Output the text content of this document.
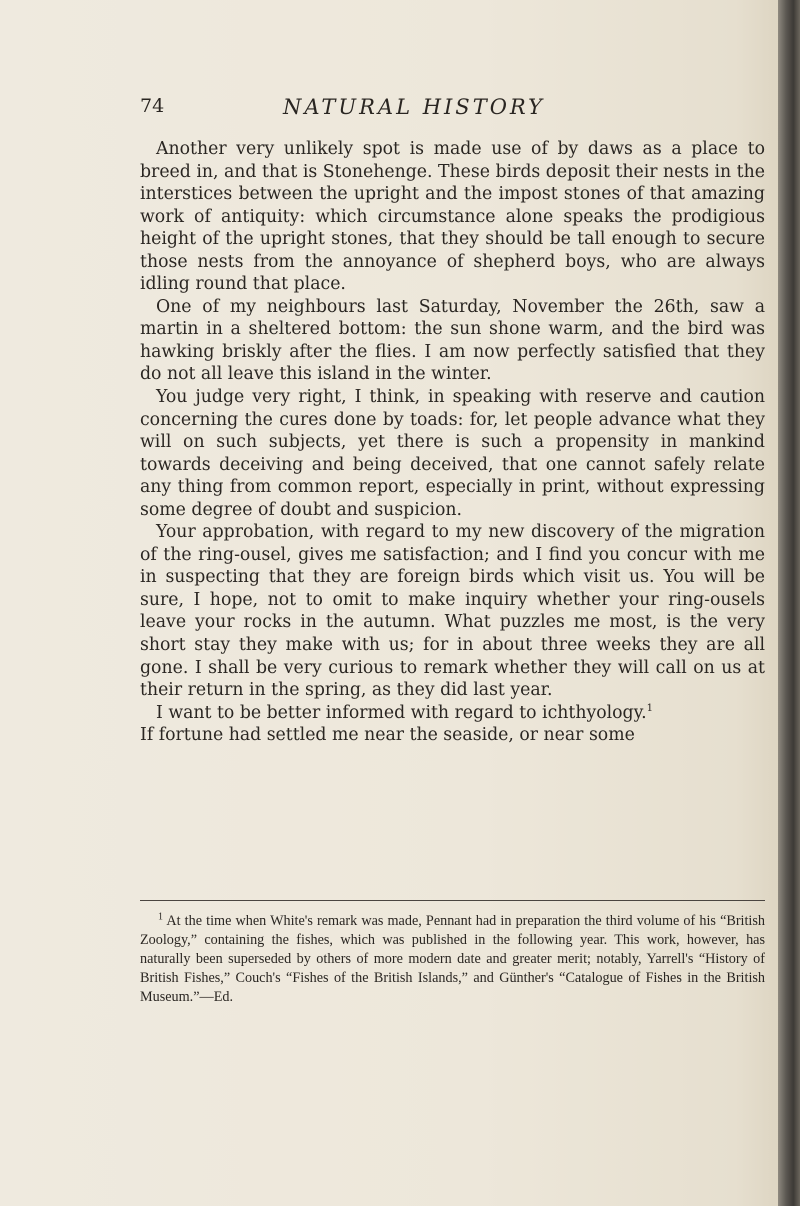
74	NATURAL HISTORY

Another very unlikely spot is made use of by daws as a place to breed in, and that is Stonehenge. These birds deposit their nests in the interstices between the upright and the impost stones of that amazing work of antiquity: which circumstance alone speaks the prodigious height of the upright stones, that they should be tall enough to secure those nests from the annoyance of shepherd boys, who are always idling round that place.

One of my neighbours last Saturday, November the 26th, saw a martin in a sheltered bottom: the sun shone warm, and the bird was hawking briskly after the flies. I am now perfectly satisfied that they do not all leave this island in the winter.

You judge very right, I think, in speaking with reserve and caution concerning the cures done by toads: for, let people advance what they will on such subjects, yet there is such a propensity in mankind towards deceiving and being deceived, that one cannot safely relate any thing from common report, especially in print, without expressing some degree of doubt and suspicion.

Your approbation, with regard to my new discovery of the migration of the ring-ousel, gives me satisfaction; and I find you concur with me in suspecting that they are foreign birds which visit us. You will be sure, I hope, not to omit to make inquiry whether your ring-ousels leave your rocks in the autumn. What puzzles me most, is the very short stay they make with us; for in about three weeks they are all gone. I shall be very curious to remark whether they will call on us at their return in the spring, as they did last year.

I want to be better informed with regard to ichthyology.$^1$
If fortune had settled me near the seaside, or near some

$^1$ At the time when White's remark was made, Pennant had in preparation the third volume of his “British Zoology,” containing the fishes, which was published in the following year. This work, however, has naturally been superseded by others of more modern date and greater merit; notably, Yarrell's “History of British Fishes,” Couch's “Fishes of the British Islands,” and Günther's “Catalogue of Fishes in the British Museum.”—Ed.
